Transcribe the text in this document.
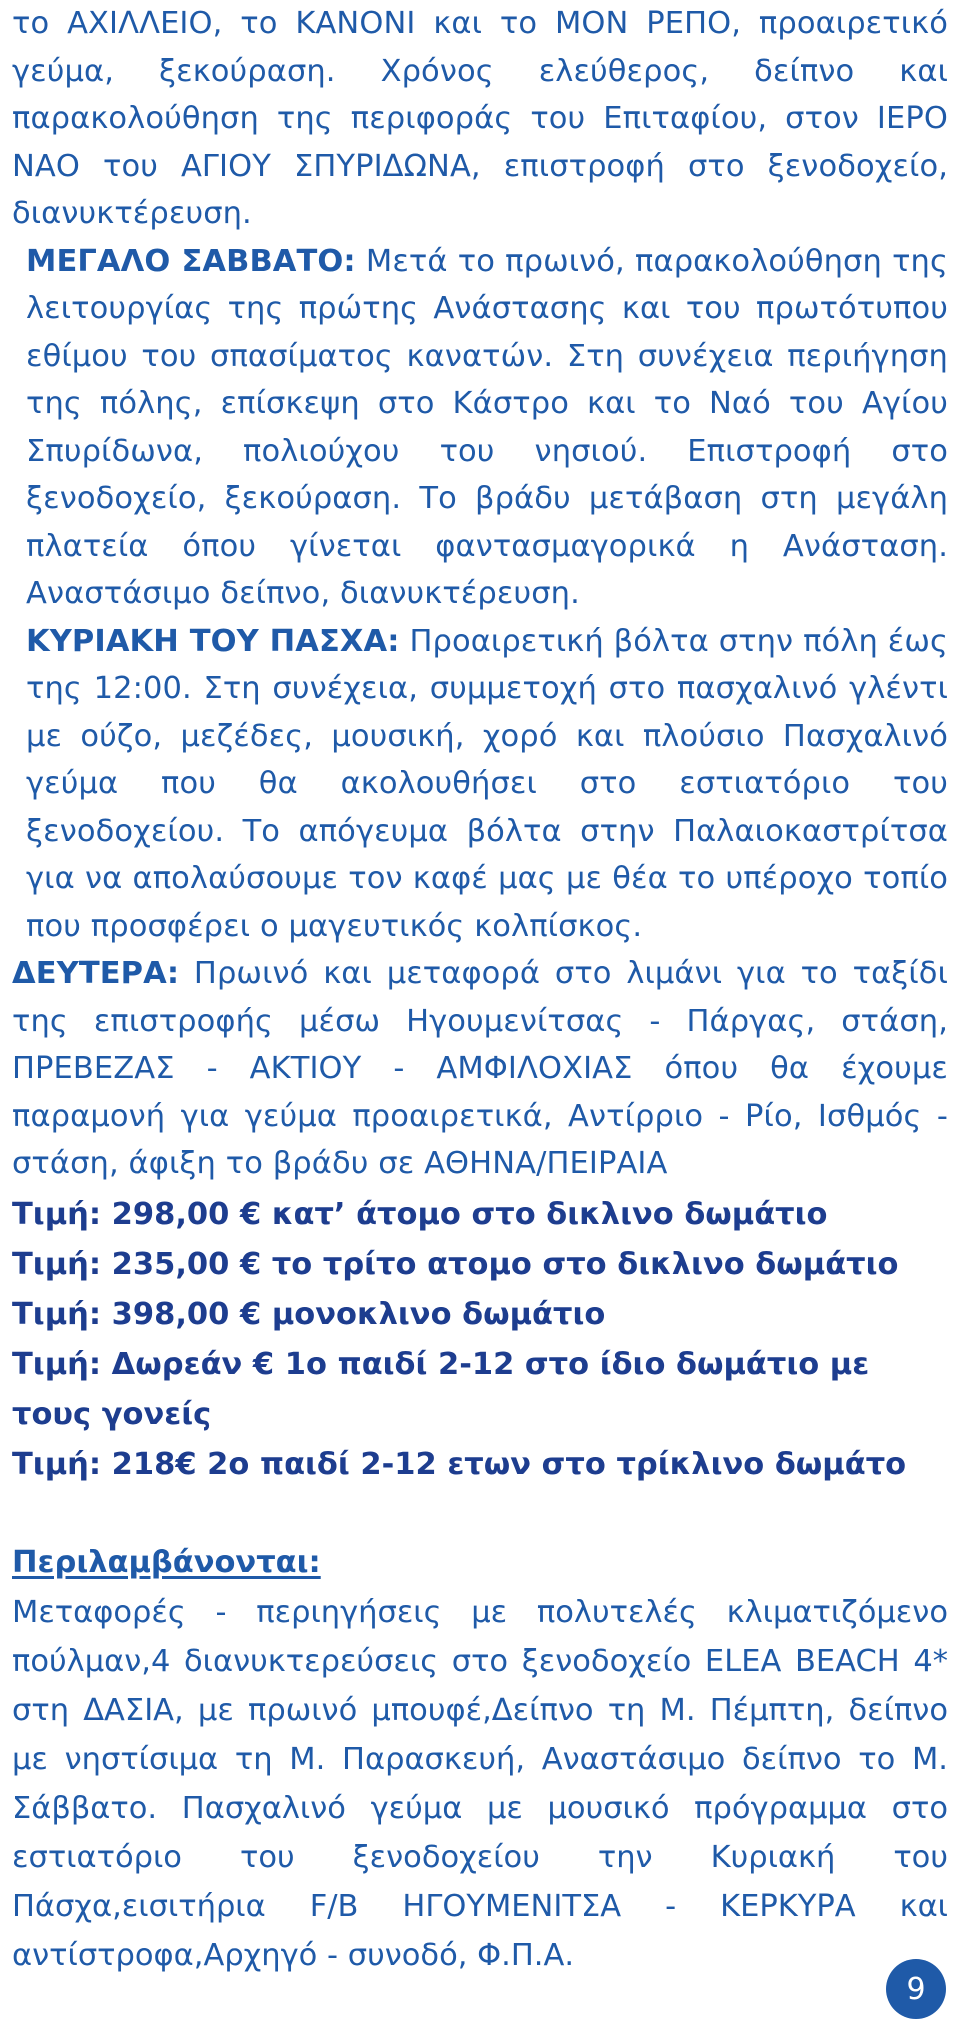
το ΑΧΙΛΛΕΙΟ, το ΚΑΝΟΝΙ και το ΜΟΝ ΡΕΠΟ, προαιρετικό γεύμα, ξεκούραση. Χρόνος ελεύθερος, δείπνο και παρακολούθηση της περιφοράς του Επιταφίου, στον ΙΕΡΟ ΝΑΟ του ΑΓΙΟΥ ΣΠΥΡΙΔΩΝΑ, επιστροφή στο ξενοδοχείο, διανυκτέρευση.

ΜΕΓΑΛΟ ΣΑΒΒΑΤΟ: Μετά το πρωινό, παρακολούθηση της λειτουργίας της πρώτης Ανάστασης και του πρωτότυπου εθίμου του σπασίματος κανατών. Στη συνέχεια περιήγηση της πόλης, επίσκεψη στο Κάστρο και το Ναό του Αγίου Σπυρίδωνα, πολιούχου του νησιού. Επιστροφή στο ξενοδοχείο, ξεκούραση. Το βράδυ μετάβαση στη μεγάλη πλατεία όπου γίνεται φαντασμαγορικά η Ανάσταση. Αναστάσιμο δείπνο, διανυκτέρευση.

ΚΥΡΙΑΚΗ ΤΟΥ ΠΑΣΧΑ: Προαιρετική βόλτα στην πόλη έως της 12:00. Στη συνέχεια, συμμετοχή στο πασχαλινό γλέντι με ούζο, μεζέδες, μουσική, χορό και πλούσιο Πασχαλινό γεύμα που θα ακολουθήσει στο εστιατόριο του ξενοδοχείου. Το απόγευμα βόλτα στην Παλαιοκαστρίτσα για να απολαύσουμε τον καφέ μας με θέα το υπέροχο τοπίο που προσφέρει ο μαγευτικός κολπίσκος.

ΔΕΥΤΕΡΑ: Πρωινό και μεταφορά στο λιμάνι για το ταξίδι της επιστροφής μέσω Ηγουμενίτσας - Πάργας, στάση, ΠΡΕΒΕΖΑΣ - ΑΚΤΙΟΥ - ΑΜΦΙΛΟΧΙΑΣ όπου θα έχουμε παραμονή για γεύμα προαιρετικά, Αντίρριο - Ρίο, Ισθμός - στάση, άφιξη το βράδυ σε ΑΘΗΝΑ/ΠΕΙΡΑΙΑ

Τιμή: 298,00 € κατ’ άτομο στο δικλινο δωμάτιο

Τιμή: 235,00 € το τρίτο ατομο στο δικλινο δωμάτιο

Τιμή: 398,00 € μονοκλινο δωμάτιο

Τιμή: Δωρεάν € 1ο παιδί 2-12 στο ίδιο δωμάτιο με τους γονείς

Τιμή: 218€ 2ο παιδί 2-12 ετων στο τρίκλινο δωμάτο

Περιλαμβάνονται:

Μεταφορές - περιηγήσεις με πολυτελές κλιματιζόμενο πούλμαν,4 διανυκτερεύσεις στο ξενοδοχείο ELEA BEACH 4* στη ΔΑΣΙΑ, με πρωινό μπουφέ,Δείπνο τη Μ. Πέμπτη, δείπνο με νηστίσιμα τη Μ. Παρασκευή, Αναστάσιμο δείπνο το Μ. Σάββατο. Πασχαλινό γεύμα με μουσικό πρόγραμμα στο εστιατόριο του ξενοδοχείου την Κυριακή του Πάσχα,εισιτήρια F/B ΗΓΟΥΜΕΝΙΤΣΑ - ΚΕΡΚΥΡΑ και αντίστροφα,Αρχηγό - συνοδό, Φ.Π.Α.

9
